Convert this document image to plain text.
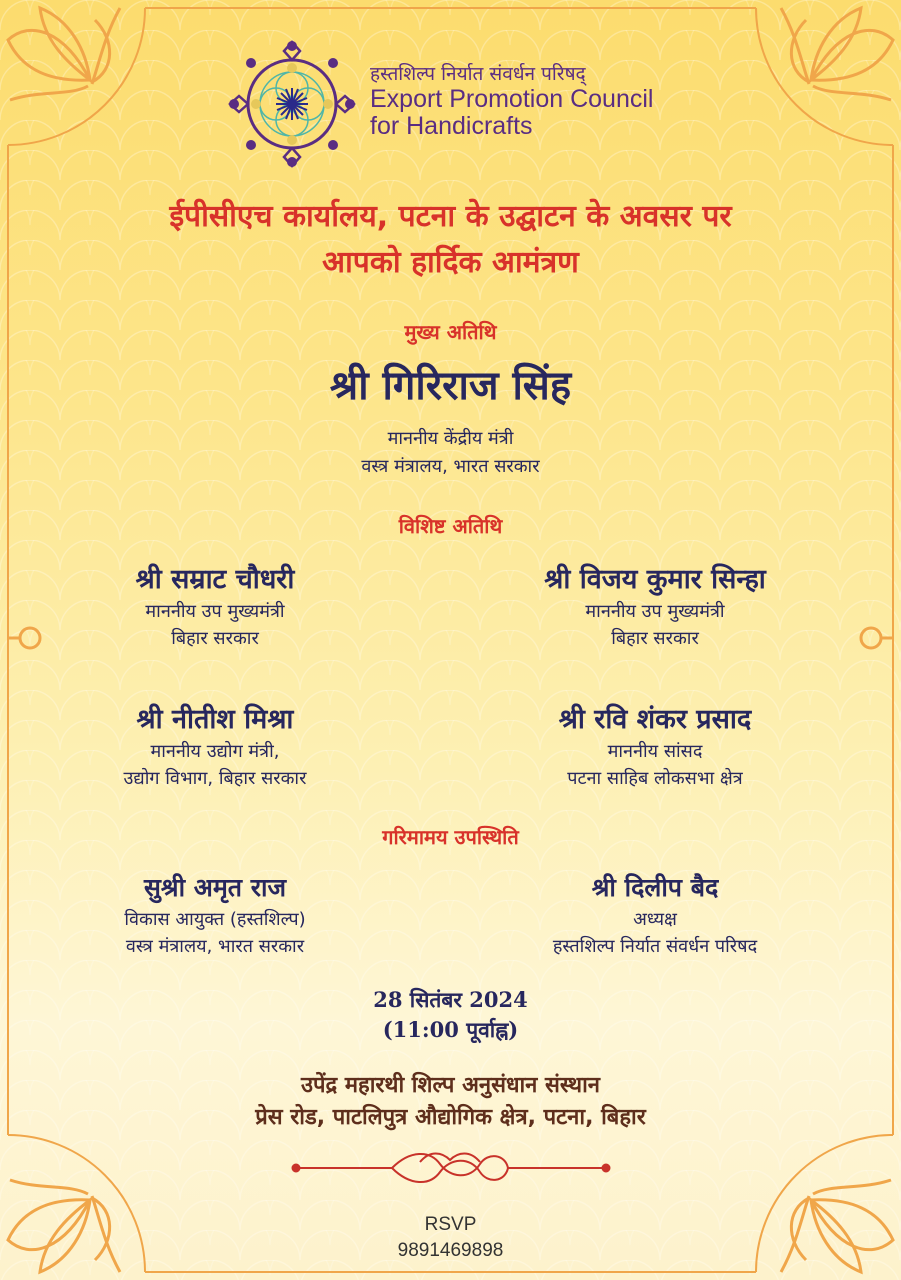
हस्तशिल्प निर्यात संवर्धन परिषद्
Export Promotion Council
for Handicrafts
ईपीसीएच कार्यालय, पटना के उद्घाटन के अवसर पर
आपको हार्दिक आमंत्रण
मुख्य अतिथि
श्री गिरिराज सिंह
माननीय केंद्रीय मंत्री
वस्त्र मंत्रालय, भारत सरकार
विशिष्ट अतिथि
श्री सम्राट चौधरी
माननीय उप मुख्यमंत्री
बिहार सरकार
श्री विजय कुमार सिन्हा
माननीय उप मुख्यमंत्री
बिहार सरकार
श्री नीतीश मिश्रा
माननीय उद्योग मंत्री,
उद्योग विभाग, बिहार सरकार
श्री रवि शंकर प्रसाद
माननीय सांसद
पटना साहिब लोकसभा क्षेत्र
गरिमामय उपस्थिति
सुश्री अमृत राज
विकास आयुक्त (हस्तशिल्प)
वस्त्र मंत्रालय, भारत सरकार
श्री दिलीप बैद
अध्यक्ष
हस्तशिल्प निर्यात संवर्धन परिषद
28 सितंबर 2024
(11:00 पूर्वाह्न)
उपेंद्र महारथी शिल्प अनुसंधान संस्थान
प्रेस रोड, पाटलिपुत्र औद्योगिक क्षेत्र, पटना, बिहार
RSVP
9891469898
